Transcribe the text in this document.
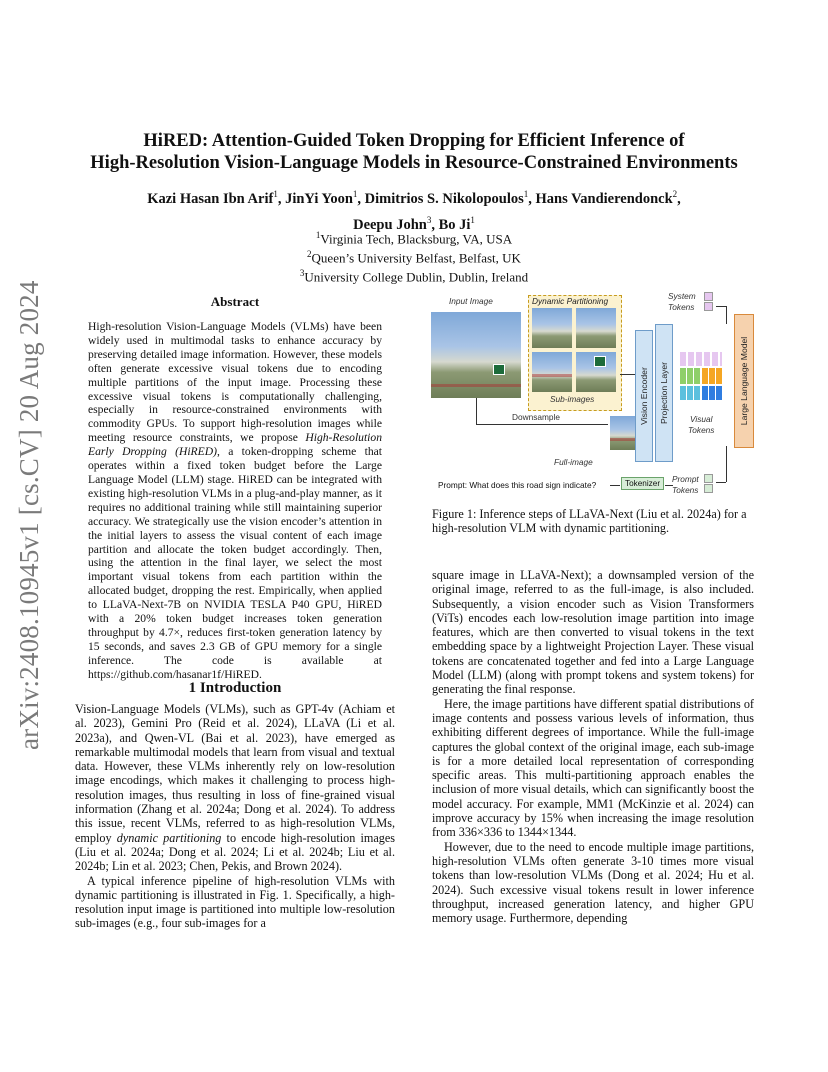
arXiv:2408.10945v1 [cs.CV] 20 Aug 2024
HiRED: Attention-Guided Token Dropping for Efficient Inference of
High-Resolution Vision-Language Models in Resource-Constrained Environments
Kazi Hasan Ibn Arif$^1$, JinYi Yoon$^1$, Dimitrios S. Nikolopoulos$^1$, Hans Vandierendonck$^2$,
Deepu John$^3$, Bo Ji$^1$
$^1$Virginia Tech, Blacksburg, VA, USA
$^2$Queen’s University Belfast, Belfast, UK
$^3$University College Dublin, Dublin, Ireland
Abstract
High-resolution Vision-Language Models (VLMs) have been widely used in multimodal tasks to enhance accuracy by preserving detailed image information. However, these models often generate excessive visual tokens due to encoding multiple partitions of the input image. Processing these excessive visual tokens is computationally challenging, especially in resource-constrained environments with commodity GPUs. To support high-resolution images while meeting resource constraints, we propose High-Resolution Early Dropping (HiRED), a token-dropping scheme that operates within a fixed token budget before the Large Language Model (LLM) stage. HiRED can be integrated with existing high-resolution VLMs in a plug-and-play manner, as it requires no additional training while still maintaining superior accuracy. We strategically use the vision encoder’s attention in the initial layers to assess the visual content of each image partition and allocate the token budget accordingly. Then, using the attention in the final layer, we select the most important visual tokens from each partition within the allocated budget, dropping the rest. Empirically, when applied to LLaVA-Next-7B on NVIDIA TESLA P40 GPU, HiRED with a 20% token budget increases token generation throughput by 4.7×, reduces first-token generation latency by 15 seconds, and saves 2.3 GB of GPU memory for a single inference. The code is available at https://github.com/hasanar1f/HiRED.
1 Introduction

Vision-Language Models (VLMs), such as GPT-4v (Achiam et al. 2023), Gemini Pro (Reid et al. 2024), LLaVA (Li et al. 2023a), and Qwen-VL (Bai et al. 2023), have emerged as remarkable multimodal models that learn from visual and textual data. However, these VLMs inherently rely on low-resolution image encodings, which makes it challenging to process high-resolution images, thus resulting in loss of fine-grained visual information (Zhang et al. 2024a; Dong et al. 2024). To address this issue, recent VLMs, referred to as high-resolution VLMs, employ dynamic partitioning to encode high-resolution images (Liu et al. 2024a; Dong et al. 2024; Li et al. 2024b; Liu et al. 2024b; Lin et al. 2023; Chen, Pekis, and Brown 2024).

A typical inference pipeline of high-resolution VLMs with dynamic partitioning is illustrated in Fig. 1. Specifically, a high-resolution input image is partitioned into multiple low-resolution sub-images (e.g., four sub-images for a

Input Image	Dynamic Partitioning
Sub-images
Downsample
Full-image
Vision Encoder Projection Layer	Visual
Tokens
System
Tokens
Large Language Model
Prompt: What does this road sign indicate?	Tokenizer	Prompt
Tokens
Figure 1: Inference steps of LLaVA-Next (Liu et al. 2024a) for a high-resolution VLM with dynamic partitioning.

square image in LLaVA-Next); a downsampled version of the original image, referred to as the full-image, is also included. Subsequently, a vision encoder such as Vision Transformers (ViTs) encodes each low-resolution image partition into image features, which are then converted to visual tokens in the text embedding space by a lightweight Projection Layer. These visual tokens are concatenated together and fed into a Large Language Model (LLM) (along with prompt tokens and system tokens) for generating the final response.

Here, the image partitions have different spatial distributions of image contents and possess various levels of information, thus exhibiting different degrees of importance. While the full-image captures the global context of the original image, each sub-image is for a more detailed local representation of corresponding specific areas. This multi-partitioning approach enables the inclusion of more visual details, which can significantly boost the model accuracy. For example, MM1 (McKinzie et al. 2024) can improve accuracy by 15% when increasing the image resolution from 336×336 to 1344×1344.

However, due to the need to encode multiple image partitions, high-resolution VLMs often generate 3-10 times more visual tokens than low-resolution VLMs (Dong et al. 2024; Hu et al. 2024). Such excessive visual tokens result in lower inference throughput, increased generation latency, and higher GPU memory usage. Furthermore, depending
